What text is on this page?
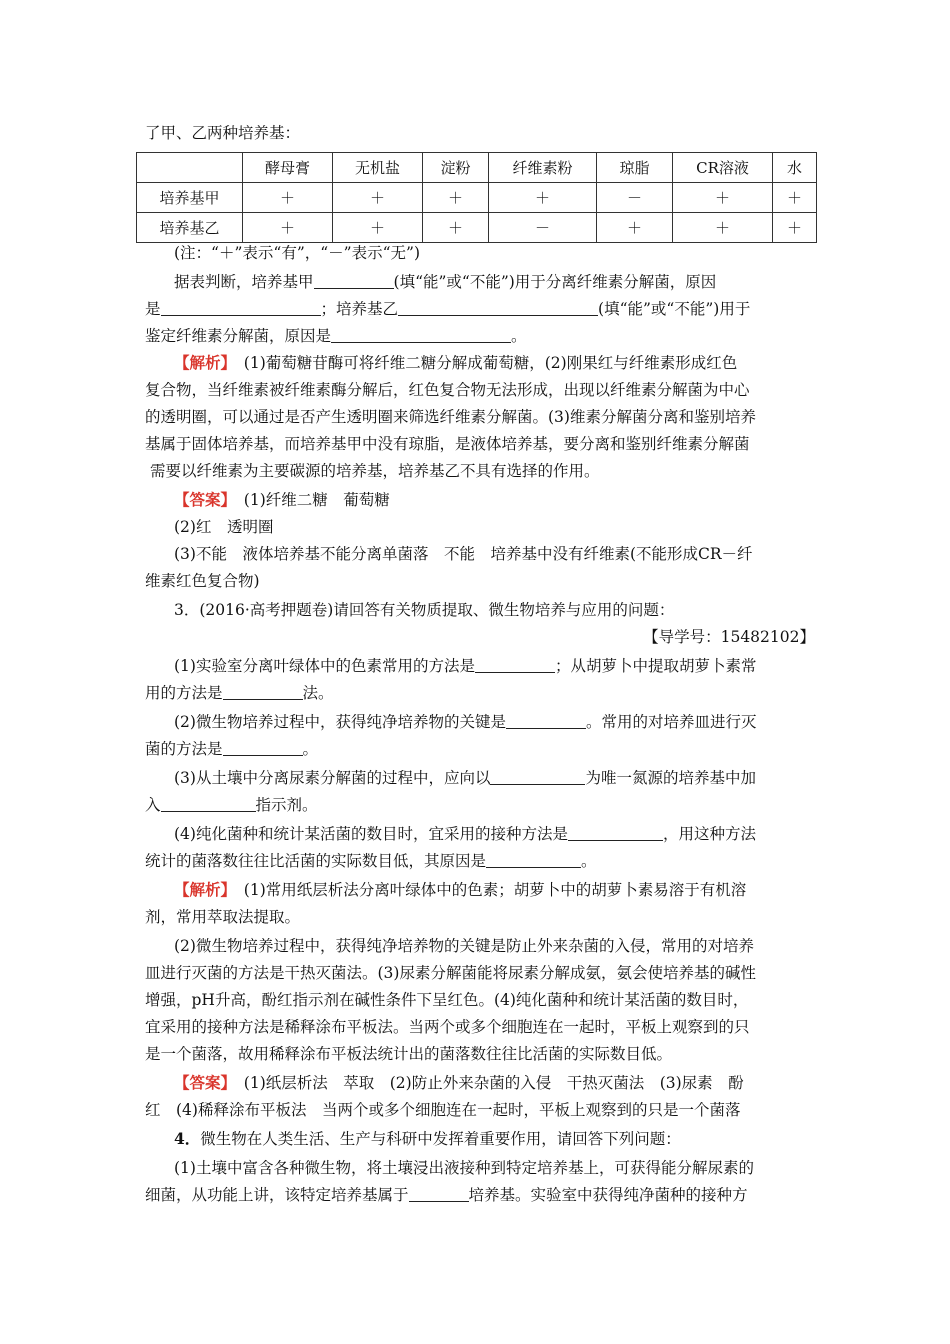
了甲、乙两种培养基：
	酵母膏	无机盐	淀粉	纤维素粉	琼脂	CR溶液	水
培养基甲	＋	＋	＋	＋	－	＋	＋
培养基乙	＋	＋	＋	－	＋	＋	＋
(注：“＋”表示“有”，“－”表示“无”)
据表判断，培养基甲	(填“能”或“不能”)用于分离纤维素分解菌，原因
是	；培养基乙	(填“能”或“不能”)用于
鉴定纤维素分解菌，原因是	。
【解析】　 (1)葡萄糖苷酶可将纤维二糖分解成葡萄糖，(2)刚果红与纤维素形成红色
复合物，当纤维素被纤维素酶分解后，红色复合物无法形成，出现以纤维素分解菌为中心
的透明圈，可以通过是否产生透明圈来筛选纤维素分解菌。(3)维素分解菌分离和鉴别培养
基属于固体培养基，而培养基甲中没有琼脂，是液体培养基，要分离和鉴别纤维素分解菌
需要以纤维素为主要碳源的培养基，培养基乙不具有选择的作用。
【答案】　 (1)纤维二糖　葡萄糖
(2)红　透明圈
(3)不能　液体培养基不能分离单菌落　不能　培养基中没有纤维素(不能形成CR－纤
维素红色复合物)
3．(2016·高考押题卷)请回答有关物质提取、微生物培养与应用的问题：
【导学号：15482102】
(1)实验室分离叶绿体中的色素常用的方法是	；从胡萝卜中提取胡萝卜素常
用的方法是	法。
(2)微生物培养过程中，获得纯净培养物的关键是	。常用的对培养皿进行灭
菌的方法是	。
(3)从土壤中分离尿素分解菌的过程中，应向以	为唯一氮源的培养基中加
入	指示剂。
(4)纯化菌种和统计某活菌的数目时，宜采用的接种方法是	，用这种方法
统计的菌落数往往比活菌的实际数目低，其原因是	。
【解析】　 (1)常用纸层析法分离叶绿体中的色素；胡萝卜中的胡萝卜素易溶于有机溶
剂，常用萃取法提取。
(2)微生物培养过程中，获得纯净培养物的关键是防止外来杂菌的入侵，常用的对培养
皿进行灭菌的方法是干热灭菌法。(3)尿素分解菌能将尿素分解成氨，氨会使培养基的碱性
增强，pH升高，酚红指示剂在碱性条件下呈红色。(4)纯化菌种和统计某活菌的数目时，
宜采用的接种方法是稀释涂布平板法。当两个或多个细胞连在一起时，平板上观察到的只
是一个菌落，故用稀释涂布平板法统计出的菌落数往往比活菌的实际数目低。
【答案】　 (1)纸层析法　萃取　(2)防止外来杂菌的入侵　干热灭菌法　(3)尿素　酚
红　(4)稀释涂布平板法　当两个或多个细胞连在一起时，平板上观察到的只是一个菌落
4．微生物在人类生活、生产与科研中发挥着重要作用，请回答下列问题：
(1)土壤中富含各种微生物，将土壤浸出液接种到特定培养基上，可获得能分解尿素的
细菌，从功能上讲，该特定培养基属于	培养基。实验室中获得纯净菌种的接种方
